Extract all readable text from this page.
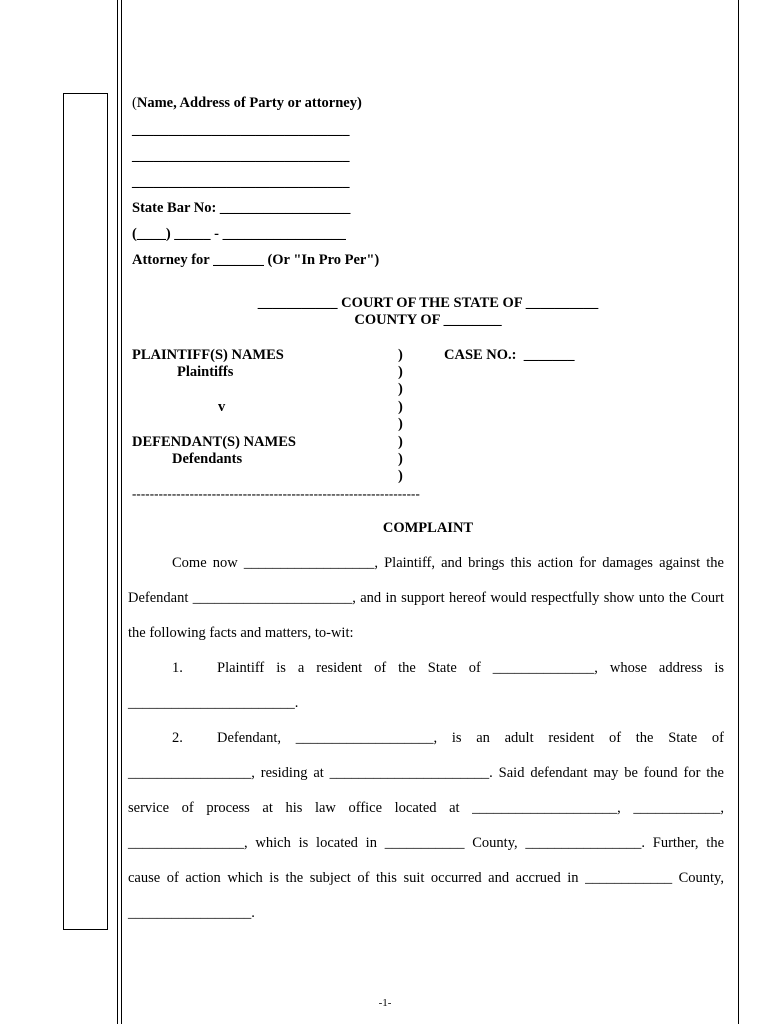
(Name, Address of Party or attorney)
______________________________
______________________________
______________________________
State Bar No: __________________
(____) _____ - _________________
Attorney for _______ (Or "In Pro Per")
___________ COURT OF THE STATE OF __________
COUNTY OF ________
PLAINTIFF(S) NAMES
Plaintiffs
v
DEFENDANT(S) NAMES
Defendants
)
)
)
)
)
)
)
)
CASE NO.:  _______
-----------------------------------------------------------------
COMPLAINT
Come now __________________, Plaintiff, and brings this action for damages against the
Defendant ______________________, and in support hereof would respectfully show unto the Court
the following facts and matters, to-wit:
1. Plaintiff is a resident of the State of ______________, whose address is
_______________________.
2. Defendant, ___________________, is an adult resident of the State of
_________________, residing at ______________________. Said defendant may be found for the
service of process at his law office located at ____________________, ____________,
________________, which is located in ___________ County, ________________. Further, the
cause of action which is the subject of this suit occurred and accrued in ____________ County,
_________________.
-1-
